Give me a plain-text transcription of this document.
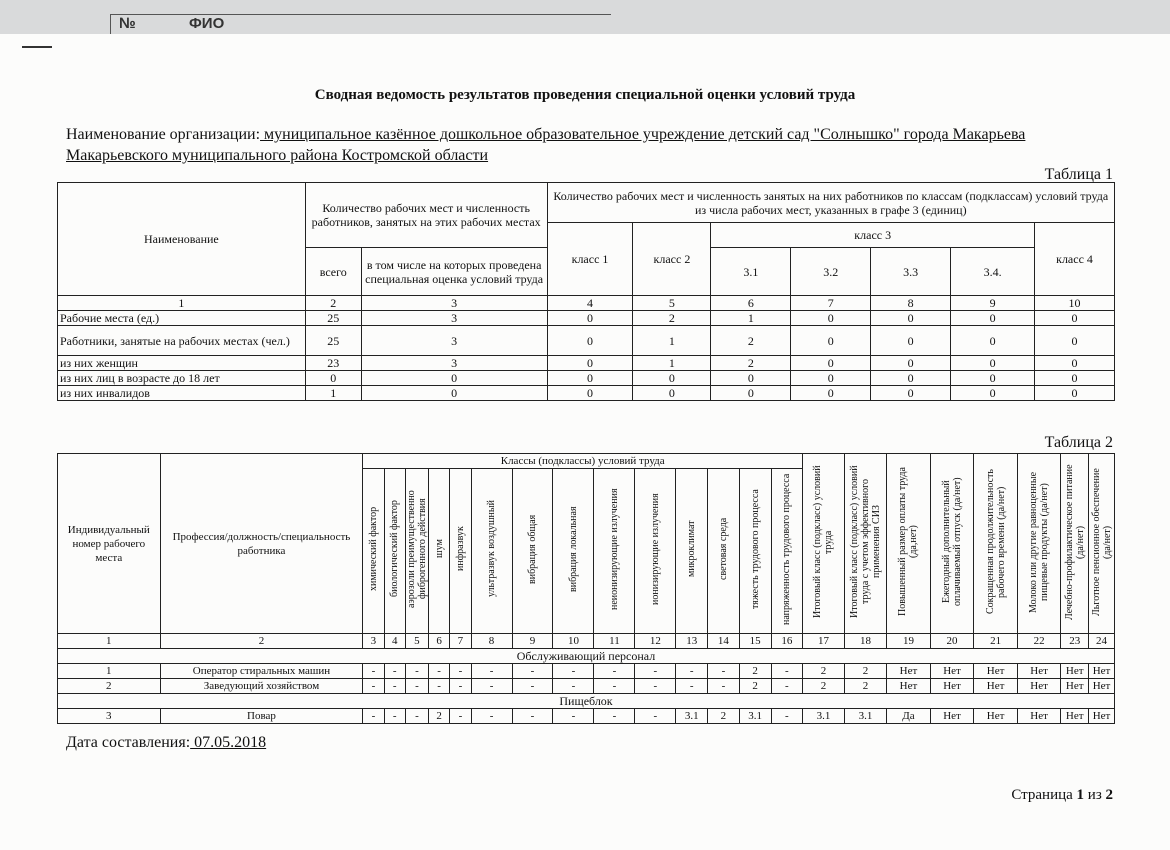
№	ФИО
Сводная ведомость результатов проведения специальной оценки условий труда
Наименование организации: муниципальное казённое дошкольное образовательное учреждение детский сад "Солнышко" города Макарьева Макарьевского муниципального района Костромской области
Таблица 1
Наименование	Количество рабочих мест и численность работников, занятых на этих рабочих местах		Количество рабочих мест и численность занятых на них работников по классам (подклассам) условий труда из числа рабочих мест, указанных в графе 3 (единиц)						
			класс 1	класс 2	класс 3				класс 4
	всего	в том числе на которых проведена специальная оценка условий труда			3.1	3.2	3.3	3.4.	
1	2	3	4	5	6	7	8	9	10
Рабочие места (ед.)	25	3	0	2	1	0	0	0	0
Работники, занятые на рабочих местах (чел.)	25	3	0	1	2	0	0	0	0
из них женщин	23	3	0	1	2	0	0	0	0
из них лиц в возрасте до 18 лет	0	0	0	0	0	0	0	0	0
из них инвалидов	1	0	0	0	0	0	0	0	0
Таблица 2
Индивидуальный номер рабочего места	Профессия/должность/специальность работника	Классы (подклассы) условий труда														Итоговый класс (подкласс) условий труда	Итоговый класс (подкласс) условий труда с учетом эффективного применения СИЗ	Повышенный размер оплаты труда (да,нет)	Ежегодный дополнительный оплачиваемый отпуск (да/нет)	Сокращенная продолжительность рабочего времени (да/нет)	Молоко или другие равноценные пищевые продукты (да/нет)	Лечебно-профилактическое питание (да/нет)	Льготное пенсионное обеспечение (да/нет)
		химический фактор	биологический фактор	аэрозоли преимущественно фиброгенного действия	шум	инфразвук	ультразвук воздушный	вибрация общая	вибрация локальная	неионизирующие излучения	ионизирующие излучения	микроклимат	световая среда	тяжесть трудового процесса	напряженность трудового процесса								
1	2	3	4	5	6	7	8	9	10	11	12	13	14	15	16	17	18	19	20	21	22	23	24
Обслуживающий персонал																							
1	Оператор стиральных машин	-	-	-	-	-	-	-	-	-	-	-	-	2	-	2	2	Нет	Нет	Нет	Нет	Нет	Нет
2	Заведующий хозяйством	-	-	-	-	-	-	-	-	-	-	-	-	2	-	2	2	Нет	Нет	Нет	Нет	Нет	Нет
Пищеблок																							
3	Повар	-	-	-	2	-	-	-	-	-	-	3.1	2	3.1	-	3.1	3.1	Да	Нет	Нет	Нет	Нет	Нет
Дата составления: 07.05.2018
Страница 1 из 2
